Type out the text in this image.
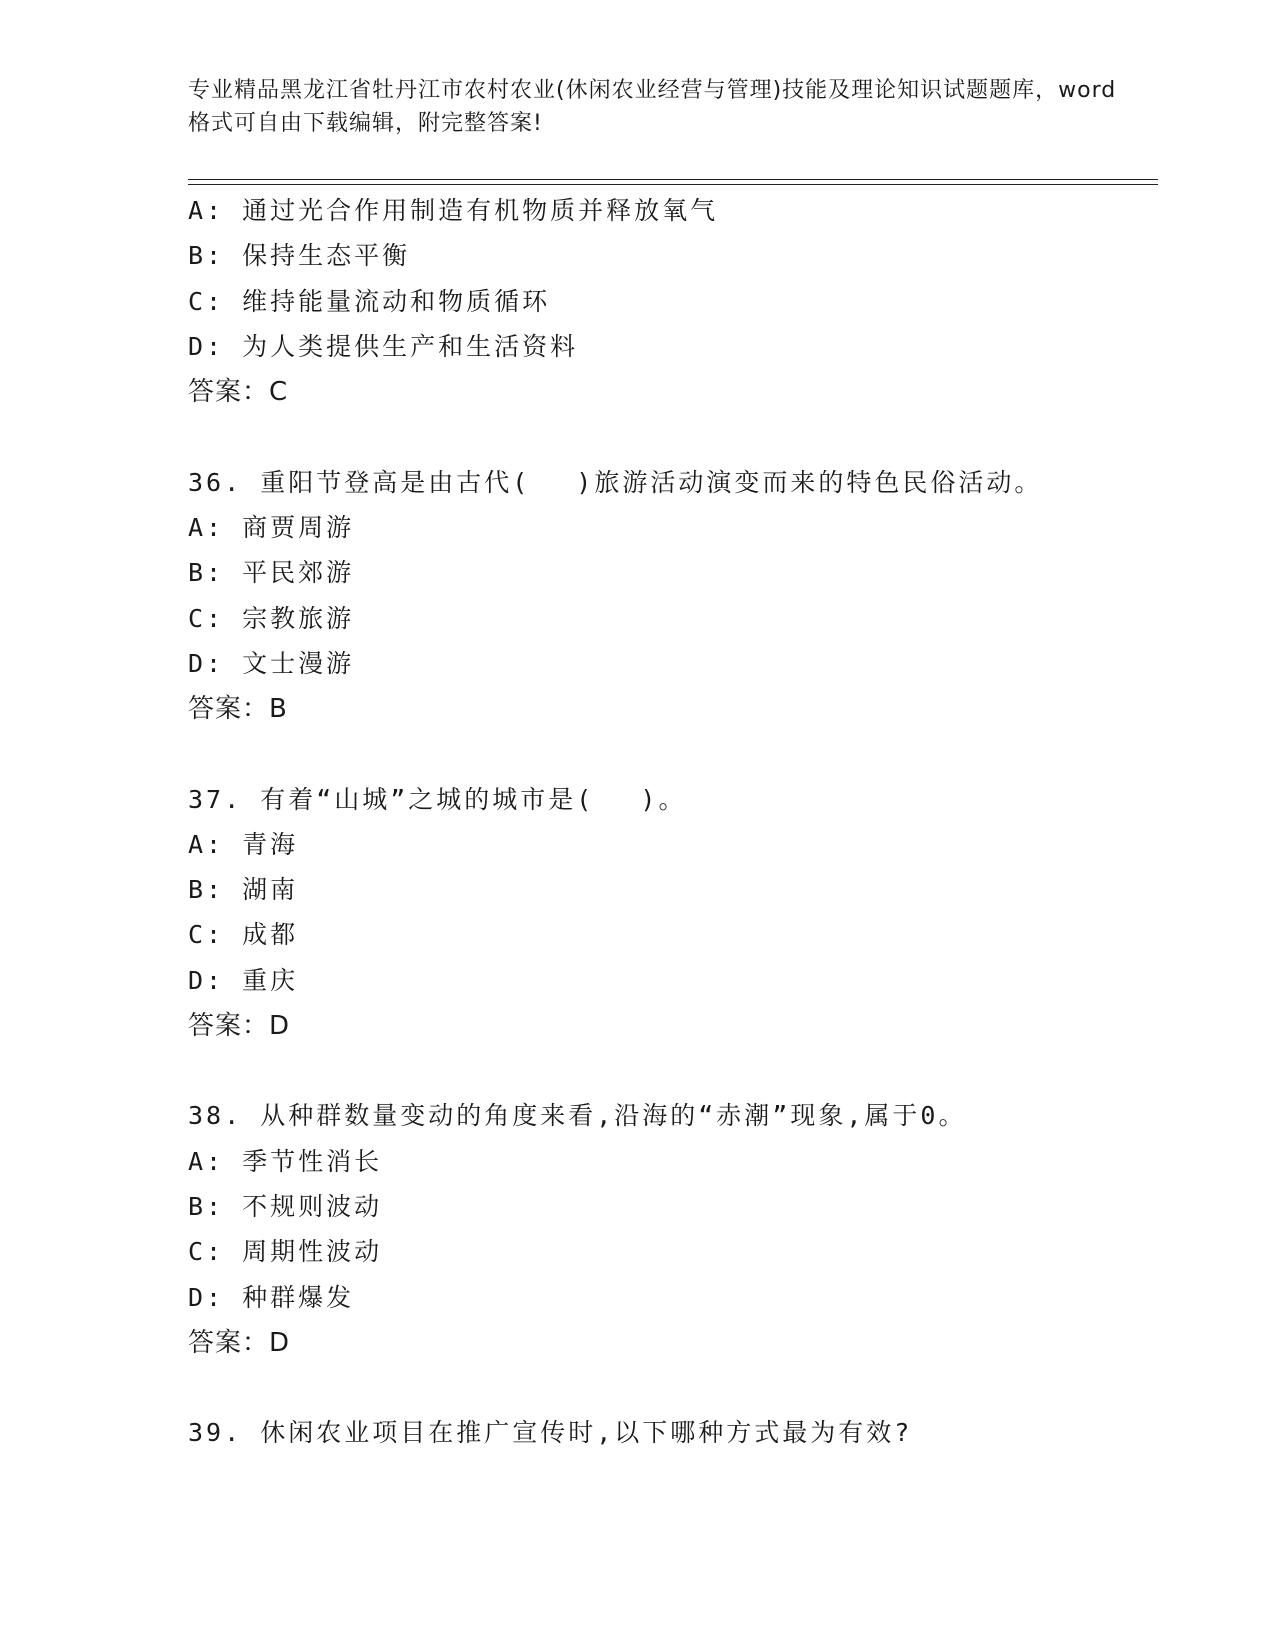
专业精品黑龙江省牡丹江市农村农业(休闲农业经营与管理)技能及理论知识试题题库，word格式可自由下载编辑，附完整答案!
A: 通过光合作用制造有机物质并释放氧气
B: 保持生态平衡
C: 维持能量流动和物质循环
D: 为人类提供生产和生活资料
答案：C
36. 重阳节登高是由古代(　 )旅游活动演变而来的特色民俗活动。
A: 商贾周游
B: 平民郊游
C: 宗教旅游
D: 文士漫游
答案：B
37. 有着“山城”之城的城市是(　 )。
A: 青海
B: 湖南
C: 成都
D: 重庆
答案：D
38. 从种群数量变动的角度来看,沿海的“赤潮”现象,属于0。
A: 季节性消长
B: 不规则波动
C: 周期性波动
D: 种群爆发
答案：D
39. 休闲农业项目在推广宣传时,以下哪种方式最为有效?
